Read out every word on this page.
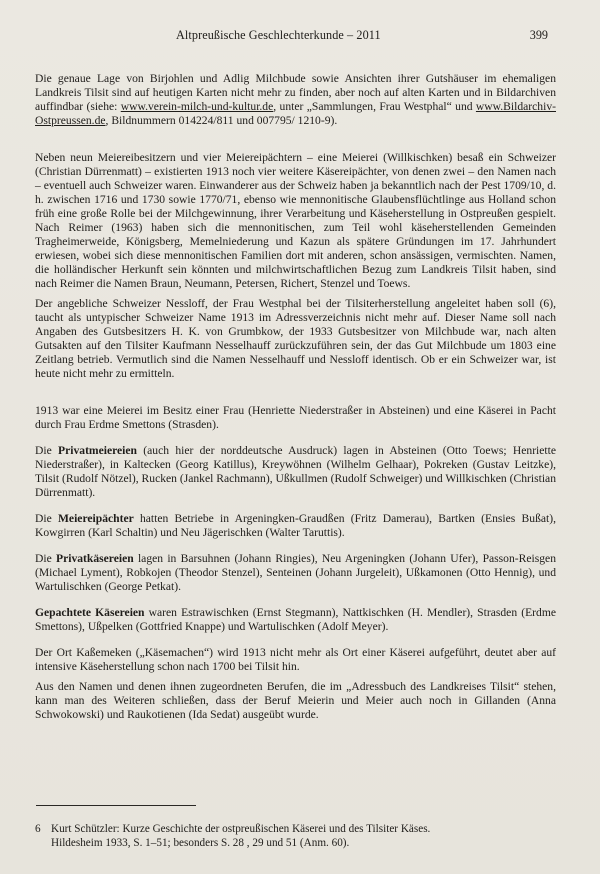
Altpreußische Geschlechterkunde – 2011	399

Die genaue Lage von Birjohlen und Adlig Milchbude sowie Ansichten ihrer Gutshäuser im ehemaligen Landkreis Tilsit sind auf heutigen Karten nicht mehr zu finden, aber noch auf alten Karten und in Bildarchiven auffindbar (siehe: www.verein-milch-und-kultur.de, unter „Sammlungen, Frau Westphal“ und www.Bildarchiv-Ostpreussen.de, Bildnummern 014224/811 und 007795/ 1210-9).

Neben neun Meiereibesitzern und vier Meiereipächtern – eine Meierei (Willkischken) besaß ein Schweizer (Christian Dürrenmatt) – existierten 1913 noch vier weitere Käsereipächter, von denen zwei – den Namen nach – eventuell auch Schweizer waren. Einwanderer aus der Schweiz haben ja bekanntlich nach der Pest 1709/10, d. h. zwischen 1716 und 1730 sowie 1770/71, ebenso wie mennonitische Glaubensflüchtlinge aus Holland schon früh eine große Rolle bei der Milchgewinnung, ihrer Verarbeitung und Käseherstellung in Ostpreußen gespielt. Nach Reimer (1963) haben sich die mennonitischen, zum Teil wohl käseherstellenden Gemeinden Tragheimerweide, Königsberg, Memelniederung und Kazun als spätere Gründungen im 17. Jahrhundert erwiesen, wobei sich diese mennonitischen Familien dort mit anderen, schon ansässigen, vermischten. Namen, die holländischer Herkunft sein könnten und milchwirtschaftlichen Bezug zum Landkreis Tilsit haben, sind nach Reimer die Namen Braun, Neumann, Petersen, Richert, Stenzel und Toews.

Der angebliche Schweizer Nessloff, der Frau Westphal bei der Tilsiterherstellung angeleitet haben soll (6), taucht als untypischer Schweizer Name 1913 im Adressverzeichnis nicht mehr auf. Dieser Name soll nach Angaben des Gutsbesitzers H. K. von Grumbkow, der 1933 Gutsbesitzer von Milchbude war, nach alten Gutsakten auf den Tilsiter Kaufmann Nesselhauff zurückzuführen sein, der das Gut Milchbude um 1803 eine Zeitlang betrieb. Vermutlich sind die Namen Nesselhauff und Nessloff identisch. Ob er ein Schweizer war, ist heute nicht mehr zu ermitteln.

1913 war eine Meierei im Besitz einer Frau (Henriette Niederstraßer in Absteinen) und eine Käserei in Pacht durch Frau Erdme Smettons (Strasden).

Die Privatmeiereien (auch hier der norddeutsche Ausdruck) lagen in Absteinen (Otto Toews; Henriette Niederstraßer), in Kaltecken (Georg Katillus), Kreywöhnen (Wilhelm Gelhaar), Pokreken (Gustav Leitzke), Tilsit (Rudolf Nötzel), Rucken (Jankel Rachmann), Ußkullmen (Rudolf Schweiger) und Willkischken (Christian Dürrenmatt).

Die Meiereipächter hatten Betriebe in Argeningken-Graudßen (Fritz Damerau), Bartken (Ensies Bußat), Kowgirren (Karl Schaltin) und Neu Jägerischken (Walter Taruttis).

Die Privatkäsereien lagen in Barsuhnen (Johann Ringies), Neu Argeningken (Johann Ufer), Passon-Reisgen (Michael Lyment), Robkojen (Theodor Stenzel), Senteinen (Johann Jurgeleit), Ußkamonen (Otto Hennig), und Wartulischken (George Petkat).

Gepachtete Käsereien waren Estrawischken (Ernst Stegmann), Nattkischken (H. Mendler), Strasden (Erdme Smettons), Ußpelken (Gottfried Knappe) und Wartulischken (Adolf Meyer).

Der Ort Kaßemeken („Käsemachen“) wird 1913 nicht mehr als Ort einer Käserei aufgeführt, deutet aber auf intensive Käseherstellung schon nach 1700 bei Tilsit hin.

Aus den Namen und denen ihnen zugeordneten Berufen, die im „Adressbuch des Landkreises Tilsit“ stehen, kann man des Weiteren schließen, dass der Beruf Meierin und Meier auch noch in Gillanden (Anna Schwokowski) und Raukotienen (Ida Sedat) ausgeübt wurde.

6 Kurt Schützler: Kurze Geschichte der ostpreußischen Käserei und des Tilsiter Käses.
Hildesheim 1933, S. 1–51; besonders S. 28 , 29 und 51 (Anm. 60).
